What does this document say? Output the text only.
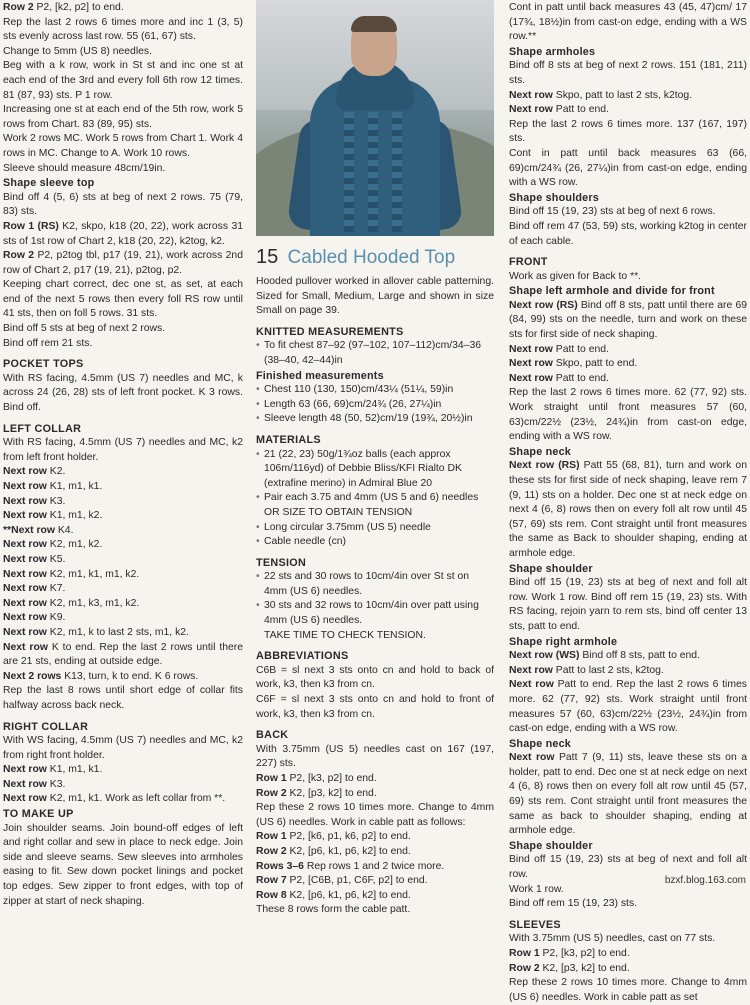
Row 2 P2, [k2, p2] to end.

Rep the last 2 rows 6 times more and inc 1 (3, 5) sts evenly across last row. 55 (61, 67) sts.

Change to 5mm (US 8) needles.

Beg with a k row, work in St st and inc one st at each end of the 3rd and every foll 6th row 12 times. 81 (87, 93) sts. P 1 row.

Increasing one st at each end of the 5th row, work 5 rows from Chart. 83 (89, 95) sts.

Work 2 rows MC. Work 5 rows from Chart 1. Work 4 rows in MC. Change to A. Work 10 rows.

Sleeve should measure 48cm/19in.

Shape sleeve top

Bind off 4 (5, 6) sts at beg of next 2 rows. 75 (79, 83) sts.

Row 1 (RS) K2, skpo, k18 (20, 22), work across 31 sts of 1st row of Chart 2, k18 (20, 22), k2tog, k2.

Row 2 P2, p2tog tbl, p17 (19, 21), work across 2nd row of Chart 2, p17 (19, 21), p2tog, p2.

Keeping chart correct, dec one st, as set, at each end of the next 5 rows then every foll RS row until 41 sts, then on foll 5 rows. 31 sts.

Bind off 5 sts at beg of next 2 rows.

Bind off rem 21 sts.

POCKET TOPS

With RS facing, 4.5mm (US 7) needles and MC, k across 24 (26, 28) sts of left front pocket. K 3 rows. Bind off.

LEFT COLLAR

With RS facing, 4.5mm (US 7) needles and MC, k2 from left front holder.

Next row K2.

Next row K1, m1, k1.

Next row K3.

Next row K1, m1, k2.

**Next row K4.

Next row K2, m1, k2.

Next row K5.

Next row K2, m1, k1, m1, k2.

Next row K7.

Next row K2, m1, k3, m1, k2.

Next row K9.

Next row K2, m1, k to last 2 sts, m1, k2.

Next row K to end. Rep the last 2 rows until there are 21 sts, ending at outside edge.

Next 2 rows K13, turn, k to end. K 6 rows.

Rep the last 8 rows until short edge of collar fits halfway across back neck.

RIGHT COLLAR

With WS facing, 4.5mm (US 7) needles and MC, k2 from right front holder.

Next row K1, m1, k1.

Next row K3.

Next row K2, m1, k1. Work as left collar from **.

TO MAKE UP

Join shoulder seams. Join bound-off edges of left and right collar and sew in place to neck edge. Join side and sleeve seams. Sew sleeves into armholes easing to fit. Sew down pocket linings and pocket top edges. Sew zipper to front edges, with top of zipper at start of neck shaping.

15 Cabled Hooded Top

Hooded pullover worked in allover cable patterning. Sized for Small, Medium, Large and shown in size Small on page 39.

KNITTED MEASUREMENTS

• To fit chest 87–92 (97–102, 107–112)cm/34–36 (38–40, 42–44)in

Finished measurements

• Chest 110 (130, 150)cm/43¼ (51¼, 59)in

• Length 63 (66, 69)cm/24¾ (26, 27¼)in

• Sleeve length 48 (50, 52)cm/19 (19¾, 20½)in

MATERIALS

• 21 (22, 23) 50g/1¾oz balls (each approx 106m/116yd) of Debbie Bliss/KFI Rialto DK (extrafine merino) in Admiral Blue 20

• Pair each 3.75 and 4mm (US 5 and 6) needles OR SIZE TO OBTAIN TENSION

• Long circular 3.75mm (US 5) needle

• Cable needle (cn)

TENSION

• 22 sts and 30 rows to 10cm/4in over St st on 4mm (US 6) needles.

• 30 sts and 32 rows to 10cm/4in over patt using 4mm (US 6) needles.

TAKE TIME TO CHECK TENSION.

ABBREVIATIONS

C6B = sl next 3 sts onto cn and hold to back of work, k3, then k3 from cn.

C6F = sl next 3 sts onto cn and hold to front of work, k3, then k3 from cn.

BACK

With 3.75mm (US 5) needles cast on 167 (197, 227) sts.

Row 1 P2, [k3, p2] to end.

Row 2 K2, [p3, k2] to end.

Rep these 2 rows 10 times more. Change to 4mm (US 6) needles. Work in cable patt as follows:

Row 1 P2, [k6, p1, k6, p2] to end.

Row 2 K2, [p6, k1, p6, k2] to end.

Rows 3–6 Rep rows 1 and 2 twice more.

Row 7 P2, [C6B, p1, C6F, p2] to end.

Row 8 K2, [p6, k1, p6, k2] to end.

These 8 rows form the cable patt.

Cont in patt until back measures 43 (45, 47)cm/ 17 (17¾, 18½)in from cast-on edge, ending with a WS row.**

Shape armholes

Bind off 8 sts at beg of next 2 rows. 151 (181, 211) sts.

Next row Skpo, patt to last 2 sts, k2tog.

Next row Patt to end.

Rep the last 2 rows 6 times more. 137 (167, 197) sts.

Cont in patt until back measures 63 (66, 69)cm/24¾ (26, 27¼)in from cast-on edge, ending with a WS row.

Shape shoulders

Bind off 15 (19, 23) sts at beg of next 6 rows.

Bind off rem 47 (53, 59) sts, working k2tog in center of each cable.

FRONT

Work as given for Back to **.

Shape left armhole and divide for front

Next row (RS) Bind off 8 sts, patt until there are 69 (84, 99) sts on the needle, turn and work on these sts for first side of neck shaping.

Next row Patt to end.

Next row Skpo, patt to end.

Next row Patt to end.

Rep the last 2 rows 6 times more. 62 (77, 92) sts. Work straight until front measures 57 (60, 63)cm/22½ (23½, 24¾)in from cast-on edge, ending with a WS row.

Shape neck

Next row (RS) Patt 55 (68, 81), turn and work on these sts for first side of neck shaping, leave rem 7 (9, 11) sts on a holder. Dec one st at neck edge on next 4 (6, 8) rows then on every foll alt row until 45 (57, 69) sts rem. Cont straight until front measures the same as Back to shoulder shaping, ending at armhole edge.

Shape shoulder

Bind off 15 (19, 23) sts at beg of next and foll alt row. Work 1 row. Bind off rem 15 (19, 23) sts. With RS facing, rejoin yarn to rem sts, bind off center 13 sts, patt to end.

Shape right armhole

Next row (WS) Bind off 8 sts, patt to end.

Next row Patt to last 2 sts, k2tog.

Next row Patt to end. Rep the last 2 rows 6 times more. 62 (77, 92) sts. Work straight until front measures 57 (60, 63)cm/22½ (23½, 24¾)in from cast-on edge, ending with a WS row.

Shape neck

Next row Patt 7 (9, 11) sts, leave these sts on a holder, patt to end. Dec one st at neck edge on next 4 (6, 8) rows then on every foll alt row until 45 (57, 69) sts rem. Cont straight until front measures the same as back to shoulder shaping, ending at armhole edge.

Shape shoulder

Bind off 15 (19, 23) sts at beg of next and foll alt row.

Work 1 row.

Bind off rem 15 (19, 23) sts.

SLEEVES

With 3.75mm (US 5) needles, cast on 77 sts.

Row 1 P2, [k3, p2] to end.

Row 2 K2, [p3, k2] to end.

Rep these 2 rows 10 times more. Change to 4mm (US 6) needles. Work in cable patt as set

bzxf.blog.163.com
